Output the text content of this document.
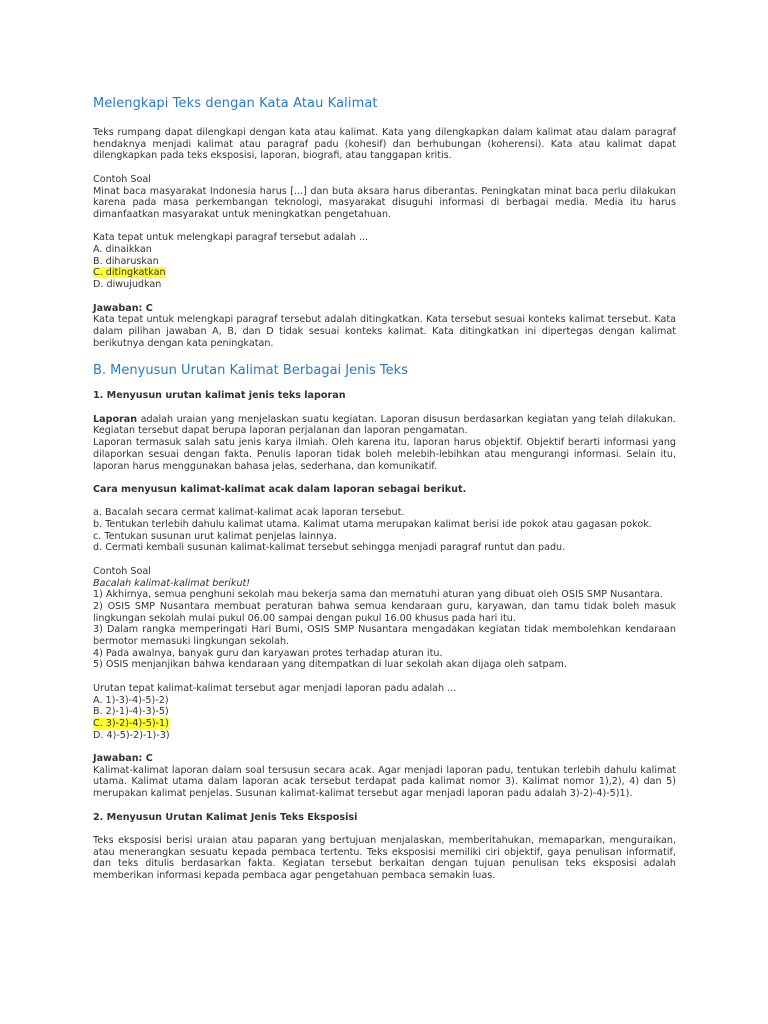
Melengkapi Teks dengan Kata Atau Kalimat

Teks rumpang dapat dilengkapi dengan kata atau kalimat. Kata yang dilengkapkan dalam kalimat atau dalam paragraf hendaknya menjadi kalimat atau paragraf padu (kohesif) dan berhubungan (koherensi). Kata atau kalimat dapat dilengkapkan pada teks eksposisi, laporan, biografi, atau tanggapan kritis.

Contoh Soal

Minat baca masyarakat Indonesia harus [...] dan buta aksara harus diberantas. Peningkatan minat baca perlu dilakukan karena pada masa perkembangan teknologi, masyarakat disuguhi informasi di berbagai media. Media itu harus dimanfaatkan masyarakat untuk meningkatkan pengetahuan.

Kata tepat untuk melengkapi paragraf tersebut adalah ...

A. dinaikkan

B. diharuskan

C. ditingkatkan

D. diwujudkan

Jawaban: C

Kata tepat untuk melengkapi paragraf tersebut adalah ditingkatkan. Kata tersebut sesuai konteks kalimat tersebut. Kata dalam pilihan jawaban A, B, dan D tidak sesuai konteks kalimat. Kata ditingkatkan ini dipertegas dengan kalimat berikutnya dengan kata peningkatan.

B. Menyusun Urutan Kalimat Berbagai Jenis Teks

1. Menyusun urutan kalimat jenis teks laporan

Laporan adalah uraian yang menjelaskan suatu kegiatan. Laporan disusun berdasarkan kegiatan yang telah dilakukan. Kegiatan tersebut dapat berupa laporan perjalanan dan laporan pengamatan.

Laporan termasuk salah satu jenis karya ilmiah. Oleh karena itu, laporan harus objektif. Objektif berarti informasi yang dilaporkan sesuai dengan fakta. Penulis laporan tidak boleh melebih-lebihkan atau mengurangi informasi. Selain itu, laporan harus menggunakan bahasa jelas, sederhana, dan komunikatif.

Cara menyusun kalimat-kalimat acak dalam laporan sebagai berikut.

a. Bacalah secara cermat kalimat-kalimat acak laporan tersebut.

b. Tentukan terlebih dahulu kalimat utama. Kalimat utama merupakan kalimat berisi ide pokok atau gagasan pokok.

c. Tentukan susunan urut kalimat penjelas lainnya.

d. Cermati kembali susunan kalimat-kalimat tersebut sehingga menjadi paragraf runtut dan padu.

Contoh Soal

Bacalah kalimat-kalimat berikut!

1) Akhirnya, semua penghuni sekolah mau bekerja sama dan mematuhi aturan yang dibuat oleh OSIS SMP Nusantara.

2) OSIS SMP Nusantara membuat peraturan bahwa semua kendaraan guru, karyawan, dan tamu tidak boleh masuk lingkungan sekolah mulai pukul 06.00 sampai dengan pukul 16.00 khusus pada hari itu.

3) Dalam rangka memperingati Hari Bumi, OSIS SMP Nusantara mengadakan kegiatan tidak membolehkan kendaraan bermotor memasuki lingkungan sekolah.

4) Pada awalnya, banyak guru dan karyawan protes terhadap aturan itu.

5) OSIS menjanjikan bahwa kendaraan yang ditempatkan di luar sekolah akan dijaga oleh satpam.

Urutan tepat kalimat-kalimat tersebut agar menjadi laporan padu adalah ...

A. 1)-3)-4)-5)-2)

B. 2)-1)-4)-3)-5)

C. 3)-2)-4)-5)-1)

D. 4)-5)-2)-1)-3)

Jawaban: C

Kalimat-kalimat laporan dalam soal tersusun secara acak. Agar menjadi laporan padu, tentukan terlebih dahulu kalimat utama. Kalimat utama dalam laporan acak tersebut terdapat pada kalimat nomor 3). Kalimat nomor 1),2), 4) dan 5) merupakan kalimat penjelas. Susunan kalimat-kalimat tersebut agar menjadi laporan padu adalah 3)-2)-4)-5)1).

2. Menyusun Urutan Kalimat Jenis Teks Eksposisi

Teks eksposisi berisi uraian atau paparan yang bertujuan menjalaskan, memberitahukan, memaparkan, menguraikan, atau menerangkan sesuatu kepada pembaca tertentu. Teks eksposisi memiliki ciri objektif, gaya penulisan informatif, dan teks ditulis berdasarkan fakta. Kegiatan tersebut berkaitan dengan tujuan penulisan teks eksposisi adalah memberikan informasi kepada pembaca agar pengetahuan pembaca semakin luas.
